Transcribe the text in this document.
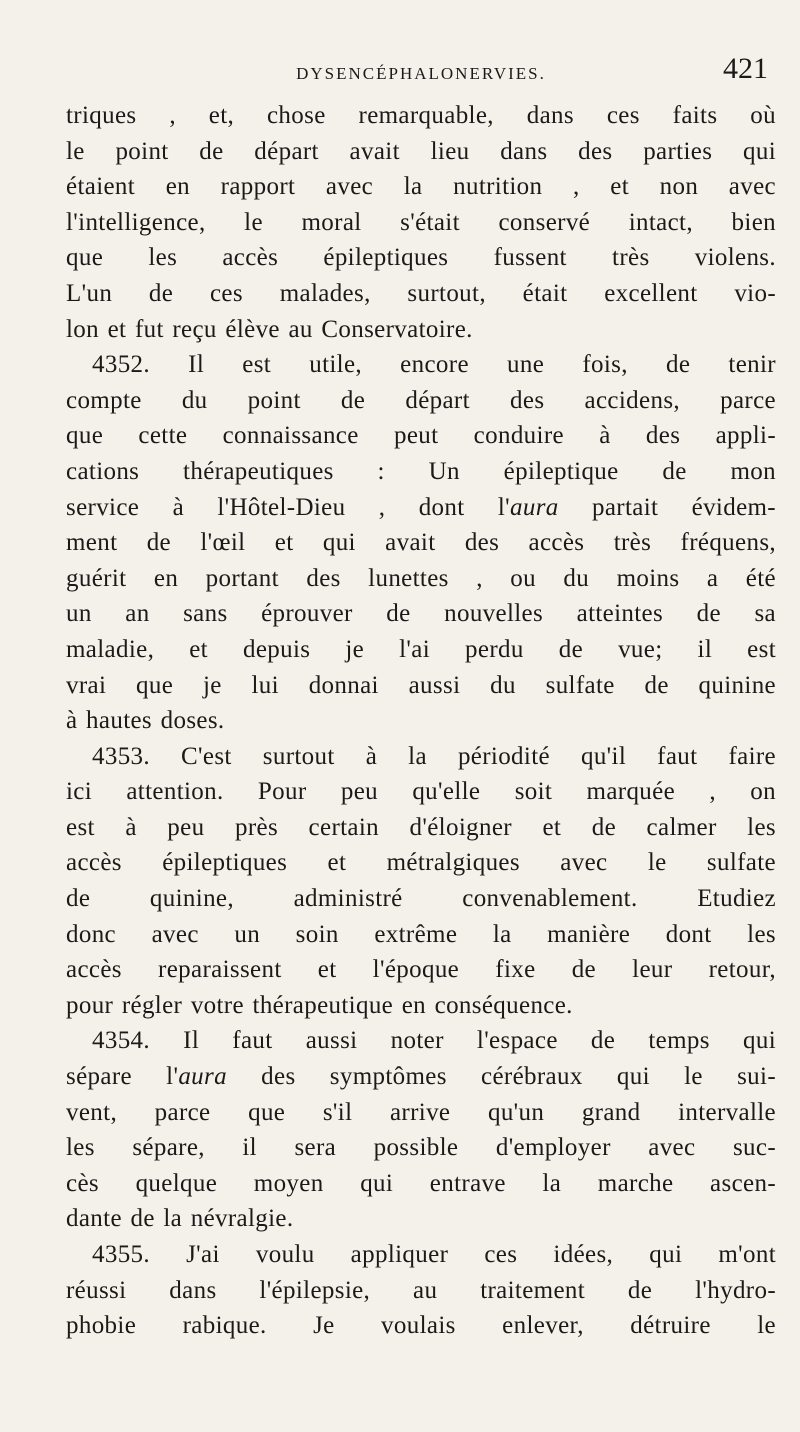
DYSENCÉPHALONERVIES.	421
triques , et, chose remarquable, dans ces faits où
le point de départ avait lieu dans des parties qui
étaient en rapport avec la nutrition , et non avec
l'intelligence, le moral s'était conservé intact, bien
que les accès épileptiques fussent très violens.
L'un de ces malades, surtout, était excellent vio-
lon et fut reçu élève au Conservatoire.
4352. Il est utile, encore une fois, de tenir
compte du point de départ des accidens, parce
que cette connaissance peut conduire à des appli-
cations thérapeutiques : Un épileptique de mon
service à l'Hôtel-Dieu , dont l'aura partait évidem-
ment de l'œil et qui avait des accès très fréquens,
guérit en portant des lunettes , ou du moins a été
un an sans éprouver de nouvelles atteintes de sa
maladie, et depuis je l'ai perdu de vue; il est
vrai que je lui donnai aussi du sulfate de quinine
à hautes doses.
4353. C'est surtout à la périodité qu'il faut faire
ici attention. Pour peu qu'elle soit marquée , on
est à peu près certain d'éloigner et de calmer les
accès épileptiques et métralgiques avec le sulfate
de quinine, administré convenablement. Etudiez
donc avec un soin extrême la manière dont les
accès reparaissent et l'époque fixe de leur retour,
pour régler votre thérapeutique en conséquence.
4354. Il faut aussi noter l'espace de temps qui
sépare l'aura des symptômes cérébraux qui le sui-
vent, parce que s'il arrive qu'un grand intervalle
les sépare, il sera possible d'employer avec suc-
cès quelque moyen qui entrave la marche ascen-
dante de la névralgie.
4355. J'ai voulu appliquer ces idées, qui m'ont
réussi dans l'épilepsie, au traitement de l'hydro-
phobie rabique. Je voulais enlever, détruire le
